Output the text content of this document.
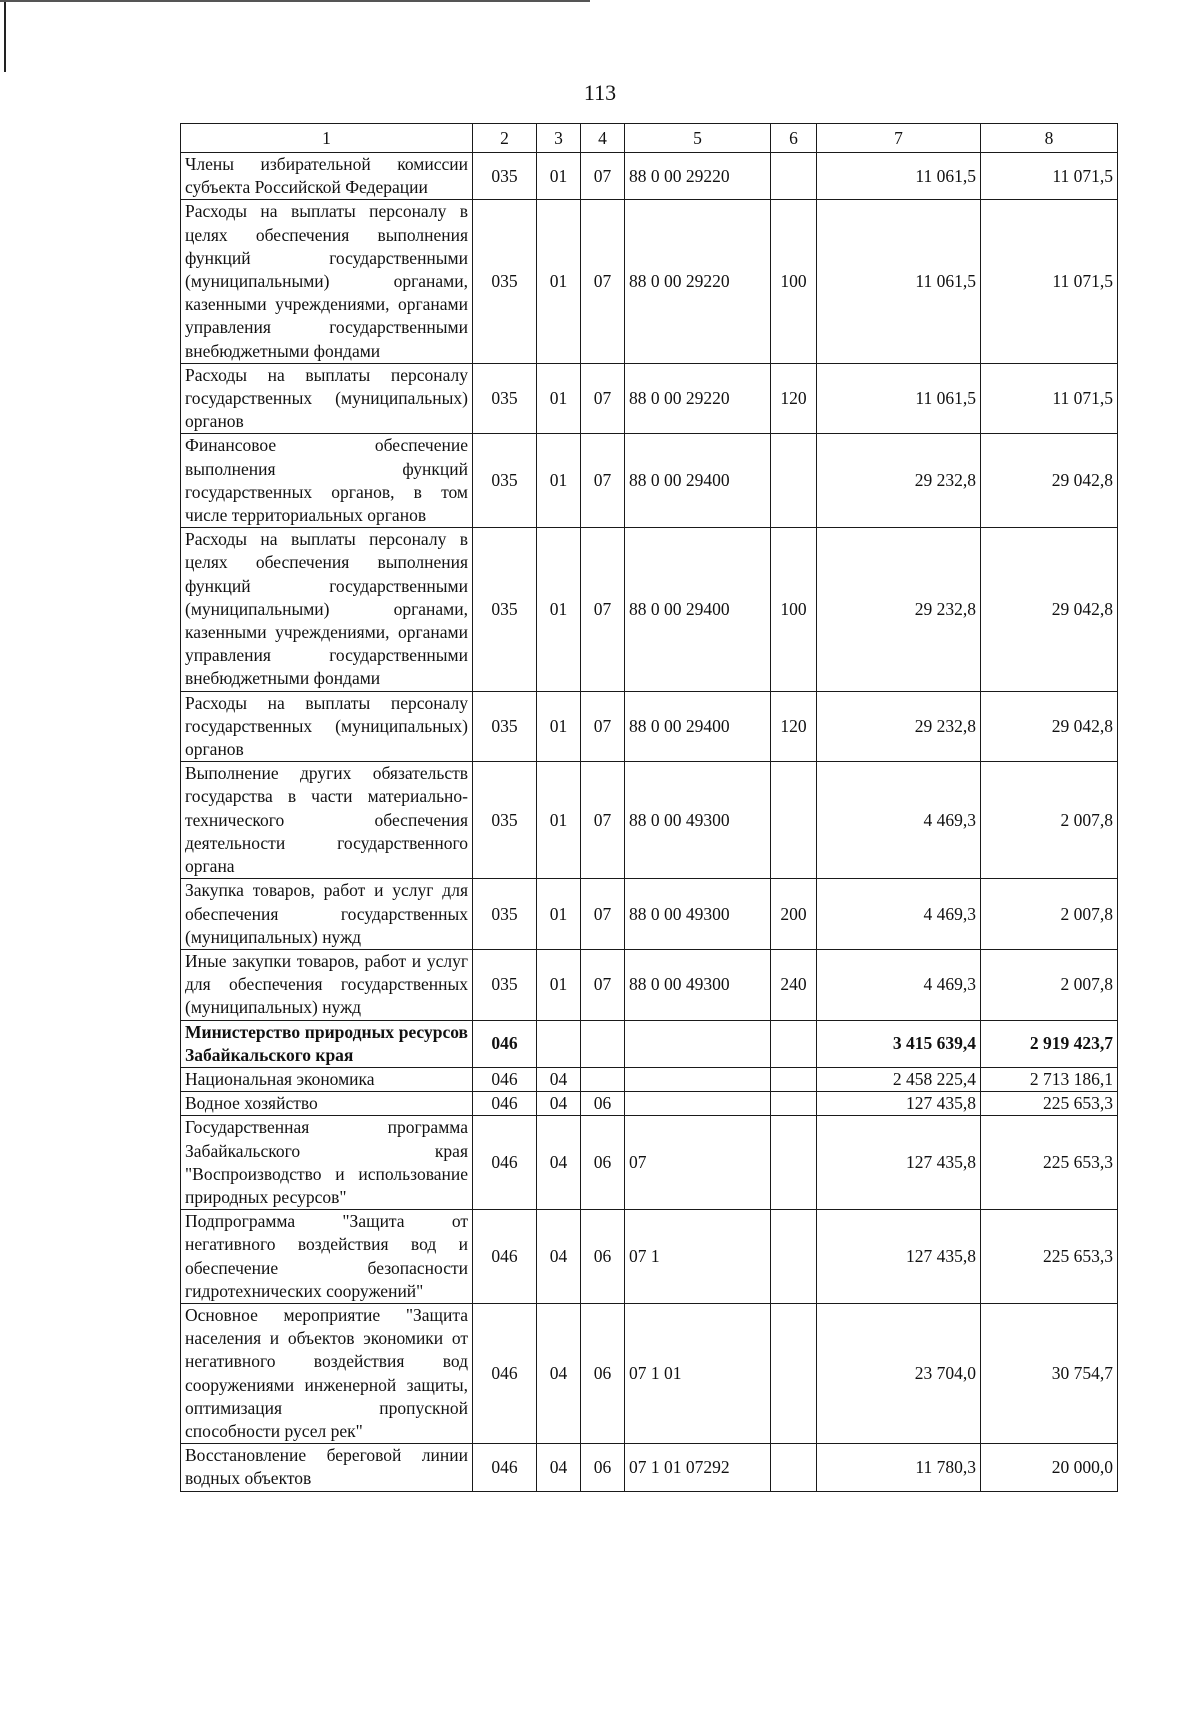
113
1	2	3	4	5	6	7	8
Члены избирательной комиссии субъекта Российской Федерации	035	01	07	88 0 00 29220		11 061,5	11 071,5
Расходы на выплаты персоналу в целях обеспечения выполнения функций государственными (муниципальными) органами, казенными учреждениями, органами управления государственными внебюджетными фондами	035	01	07	88 0 00 29220	100	11 061,5	11 071,5
Расходы на выплаты персоналу государственных (муниципальных) органов	035	01	07	88 0 00 29220	120	11 061,5	11 071,5
Финансовое обеспечение выполнения функций государственных органов, в том числе территориальных органов	035	01	07	88 0 00 29400		29 232,8	29 042,8
Расходы на выплаты персоналу в целях обеспечения выполнения функций государственными (муниципальными) органами, казенными учреждениями, органами управления государственными внебюджетными фондами	035	01	07	88 0 00 29400	100	29 232,8	29 042,8
Расходы на выплаты персоналу государственных (муниципальных) органов	035	01	07	88 0 00 29400	120	29 232,8	29 042,8
Выполнение других обязательств государства в части материально-технического обеспечения деятельности государственного органа	035	01	07	88 0 00 49300		4 469,3	2 007,8
Закупка товаров, работ и услуг для обеспечения государственных (муниципальных) нужд	035	01	07	88 0 00 49300	200	4 469,3	2 007,8
Иные закупки товаров, работ и услуг для обеспечения государственных (муниципальных) нужд	035	01	07	88 0 00 49300	240	4 469,3	2 007,8
Министерство природных ресурсов Забайкальского края	046					3 415 639,4	2 919 423,7
Национальная экономика	046	04				2 458 225,4	2 713 186,1
Водное хозяйство	046	04	06			127 435,8	225 653,3
Государственная программа Забайкальского края "Воспроизводство и использование природных ресурсов"	046	04	06	07		127 435,8	225 653,3
Подпрограмма "Защита от негативного воздействия вод и обеспечение безопасности гидротехнических сооружений"	046	04	06	07 1		127 435,8	225 653,3
Основное мероприятие "Защита населения и объектов экономики от негативного воздействия вод сооружениями инженерной защиты, оптимизация пропускной способности русел рек"	046	04	06	07 1 01		23 704,0	30 754,7
Восстановление береговой линии водных объектов	046	04	06	07 1 01 07292		11 780,3	20 000,0
